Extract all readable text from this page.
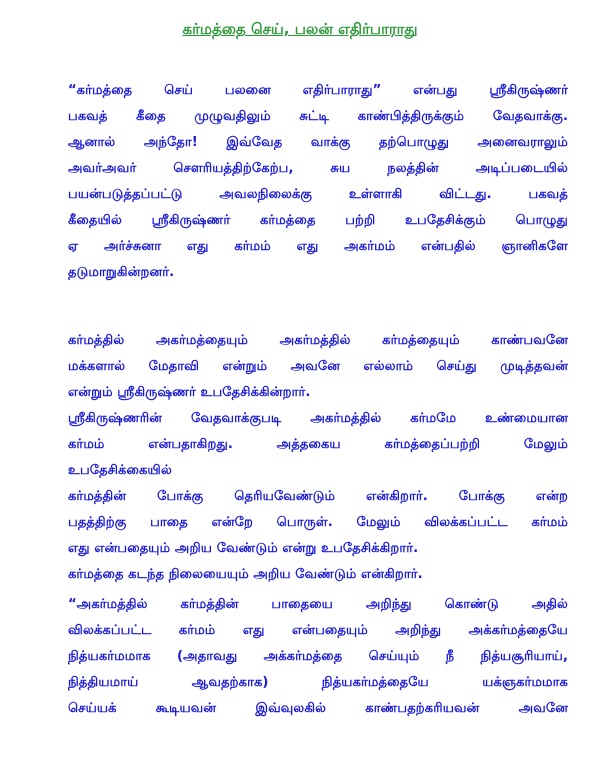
கர்மத்தை செய், பலன் எதிர்பாராது
“கர்மத்தை செய் பலனை எதிர்பாராது” என்பது ஸ்ரீகிருஷ்ணர்
பகவத் கீதை முழுவதிலும் சுட்டி காண்பித்திருக்கும் வேதவாக்கு.
ஆனால் அந்தோ! இவ்வேத வாக்கு தற்பொழுது அனைவராலும்
அவர்அவர் சௌரியத்திற்கேற்ப, சுய நலத்தின் அடிப்படையில்
பயன்படுத்தப்பட்டு அவலநிலைக்கு உள்ளாகி விட்டது. பகவத்
கீதையில் ஸ்ரீகிருஷ்ணர் கர்மத்தை பற்றி உபதேசிக்கும் பொழுது
ஏ அர்ச்சுனா எது கர்மம் எது அகர்மம் என்பதில் ஞானிகளே
தடுமாறுகின்றனர்.
கர்மத்தில் அகர்மத்தையும் அகர்மத்தில் கர்மத்தையும் காண்பவனே
மக்களால் மேதாவி என்றும் அவனே எல்லாம் செய்து முடித்தவன்
என்றும் ஸ்ரீகிருஷ்ணர் உபதேசிக்கின்றார்.
ஸ்ரீகிருஷ்ணரின் வேதவாக்குபடி அகர்மத்தில் கர்மமே உண்மையான
கர்மம் என்பதாகிறது. அத்தகைய கர்மத்தைப்பற்றி மேலும்
உபதேசிக்கையில்
கர்மத்தின் போக்கு தெரியவேண்டும் என்கிறார். போக்கு என்ற
பதத்திற்கு பாதை என்றே பொருள். மேலும் விலக்கப்பட்ட கர்மம்
எது என்பதையும் அறிய வேண்டும் என்று உபதேசிக்கிறார்.
கர்மத்தை கடந்த நிலையையும் அறிய வேண்டும் என்கிறார்.
“அகர்மத்தில் கர்மத்தின் பாதையை அறிந்து கொண்டு அதில்
விலக்கப்பட்ட கர்மம் எது என்பதையும் அறிந்து அக்கர்மத்தையே
நித்யகர்மமாக (அதாவது அக்கர்மத்தை செய்யும் நீ நித்யசூரியாய்,
நித்தியமாய் ஆவதற்காக) நித்யகர்மத்தையே யக்ஞகர்மமாக
செய்யக் கூடியவன் இவ்வுலகில் காண்பதற்கரியவன் அவனே
